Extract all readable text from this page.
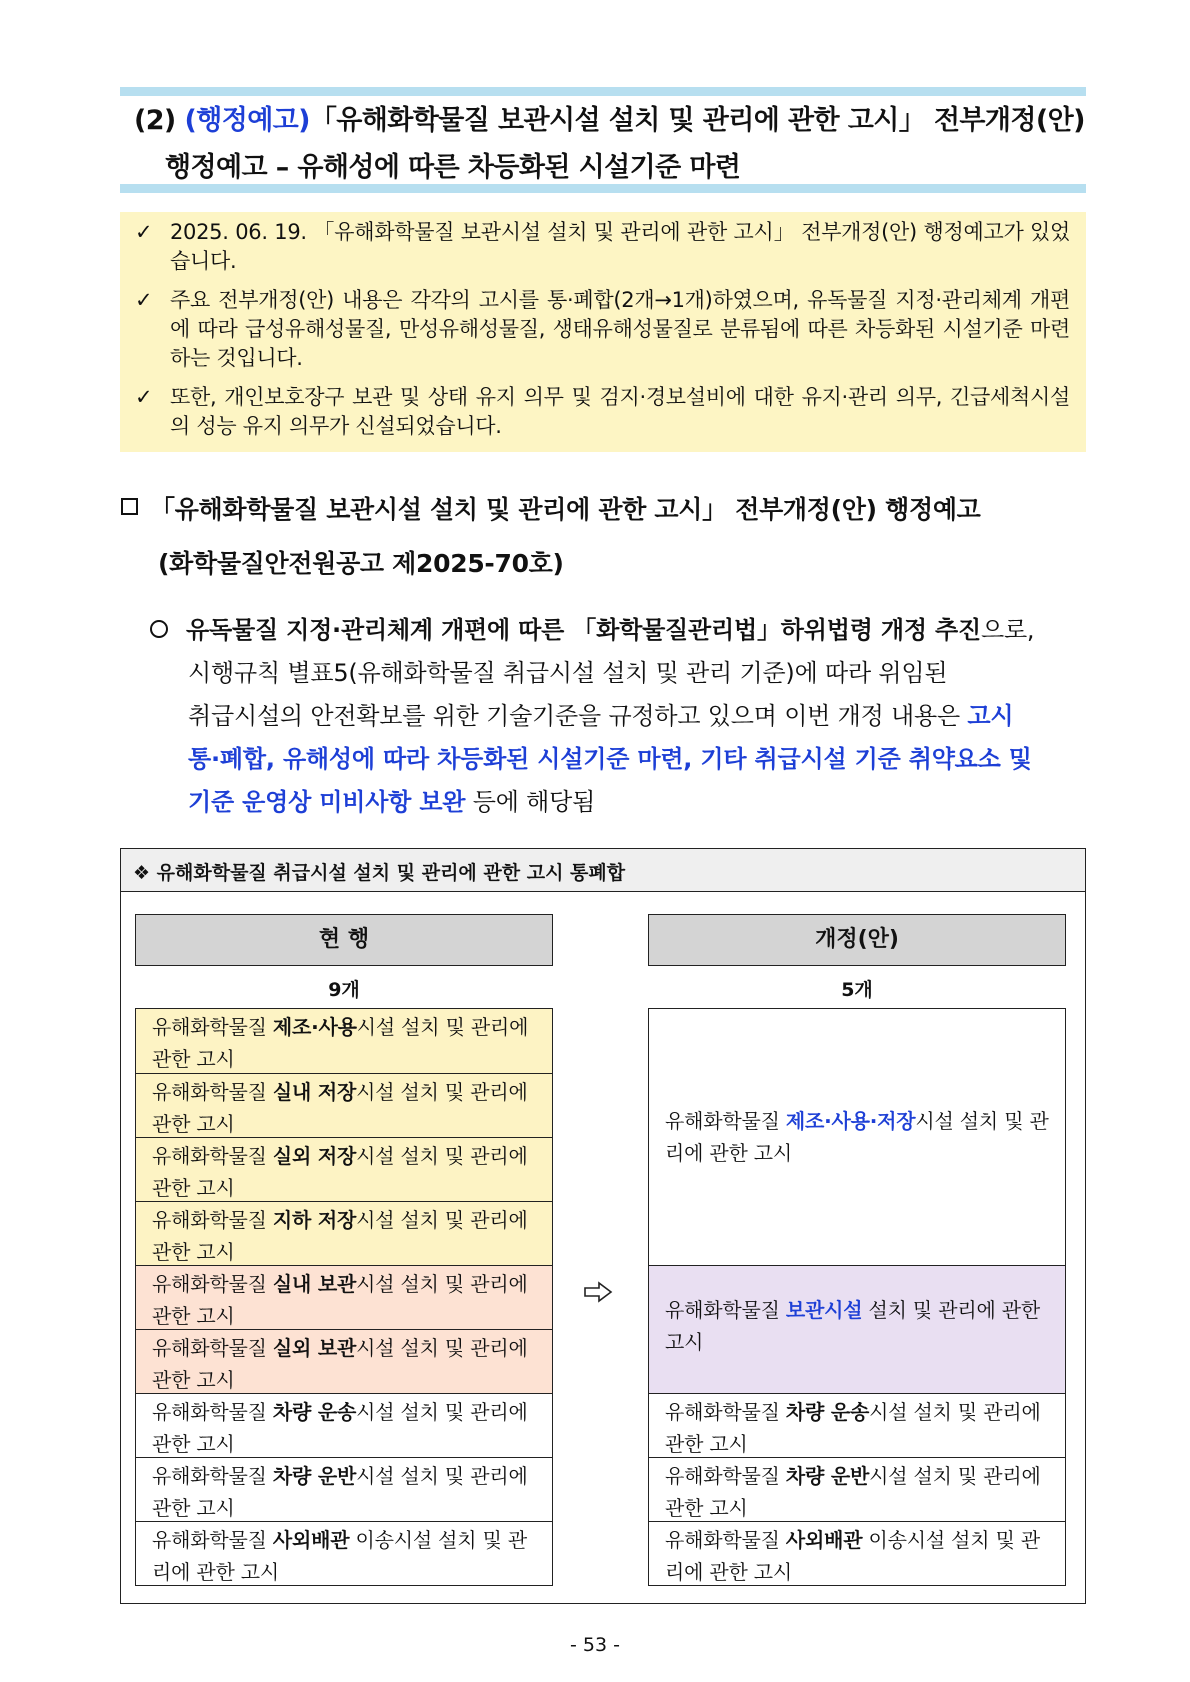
(2) (행정예고)「유해화학물질 보관시설 설치 및 관리에 관한 고시」 전부개정(안)
행정예고 – 유해성에 따른 차등화된 시설기준 마련
✓ 2025. 06. 19. 「유해화학물질 보관시설 설치 및 관리에 관한 고시」 전부개정(안) 행정예고가 있었습니다.
✓ 주요 전부개정(안) 내용은 각각의 고시를 통·폐합(2개→1개)하였으며, 유독물질 지정·관리체계 개편에 따라 급성유해성물질, 만성유해성물질, 생태유해성물질로 분류됨에 따른 차등화된 시설기준 마련하는 것입니다.
✓ 또한, 개인보호장구 보관 및 상태 유지 의무 및 검지·경보설비에 대한 유지·관리 의무, 긴급세척시설의 성능 유지 의무가 신설되었습니다.
「유해화학물질 보관시설 설치 및 관리에 관한 고시」 전부개정(안) 행정예고
(화학물질안전원공고 제2025-70호)
유독물질 지정·관리체계 개편에 따른 「화학물질관리법」하위법령 개정 추진으로,
시행규칙 별표5(유해화학물질 취급시설 설치 및 관리 기준)에 따라 위임된
취급시설의 안전확보를 위한 기술기준을 규정하고 있으며 이번 개정 내용은 고시
통·폐합, 유해성에 따라 차등화된 시설기준 마련, 기타 취급시설 기준 취약요소 및
기준 운영상 미비사항 보완 등에 해당됨
❖ 유해화학물질 취급시설 설치 및 관리에 관한 고시 통폐합
현 행	개정(안)
9개	5개
유해화학물질 제조·사용시설 설치 및 관리에 관한 고시
유해화학물질 실내 저장시설 설치 및 관리에 관한 고시
유해화학물질 실외 저장시설 설치 및 관리에 관한 고시
유해화학물질 지하 저장시설 설치 및 관리에 관한 고시
유해화학물질 실내 보관시설 설치 및 관리에 관한 고시
유해화학물질 실외 보관시설 설치 및 관리에 관한 고시
유해화학물질 차량 운송시설 설치 및 관리에 관한 고시
유해화학물질 차량 운반시설 설치 및 관리에 관한 고시
유해화학물질 사외배관 이송시설 설치 및 관리에 관한 고시
유해화학물질 제조·사용·저장시설 설치 및 관리에 관한 고시
유해화학물질 보관시설 설치 및 관리에 관한 고시
유해화학물질 차량 운송시설 설치 및 관리에 관한 고시
유해화학물질 차량 운반시설 설치 및 관리에 관한 고시
유해화학물질 사외배관 이송시설 설치 및 관리에 관한 고시
- 53 -
